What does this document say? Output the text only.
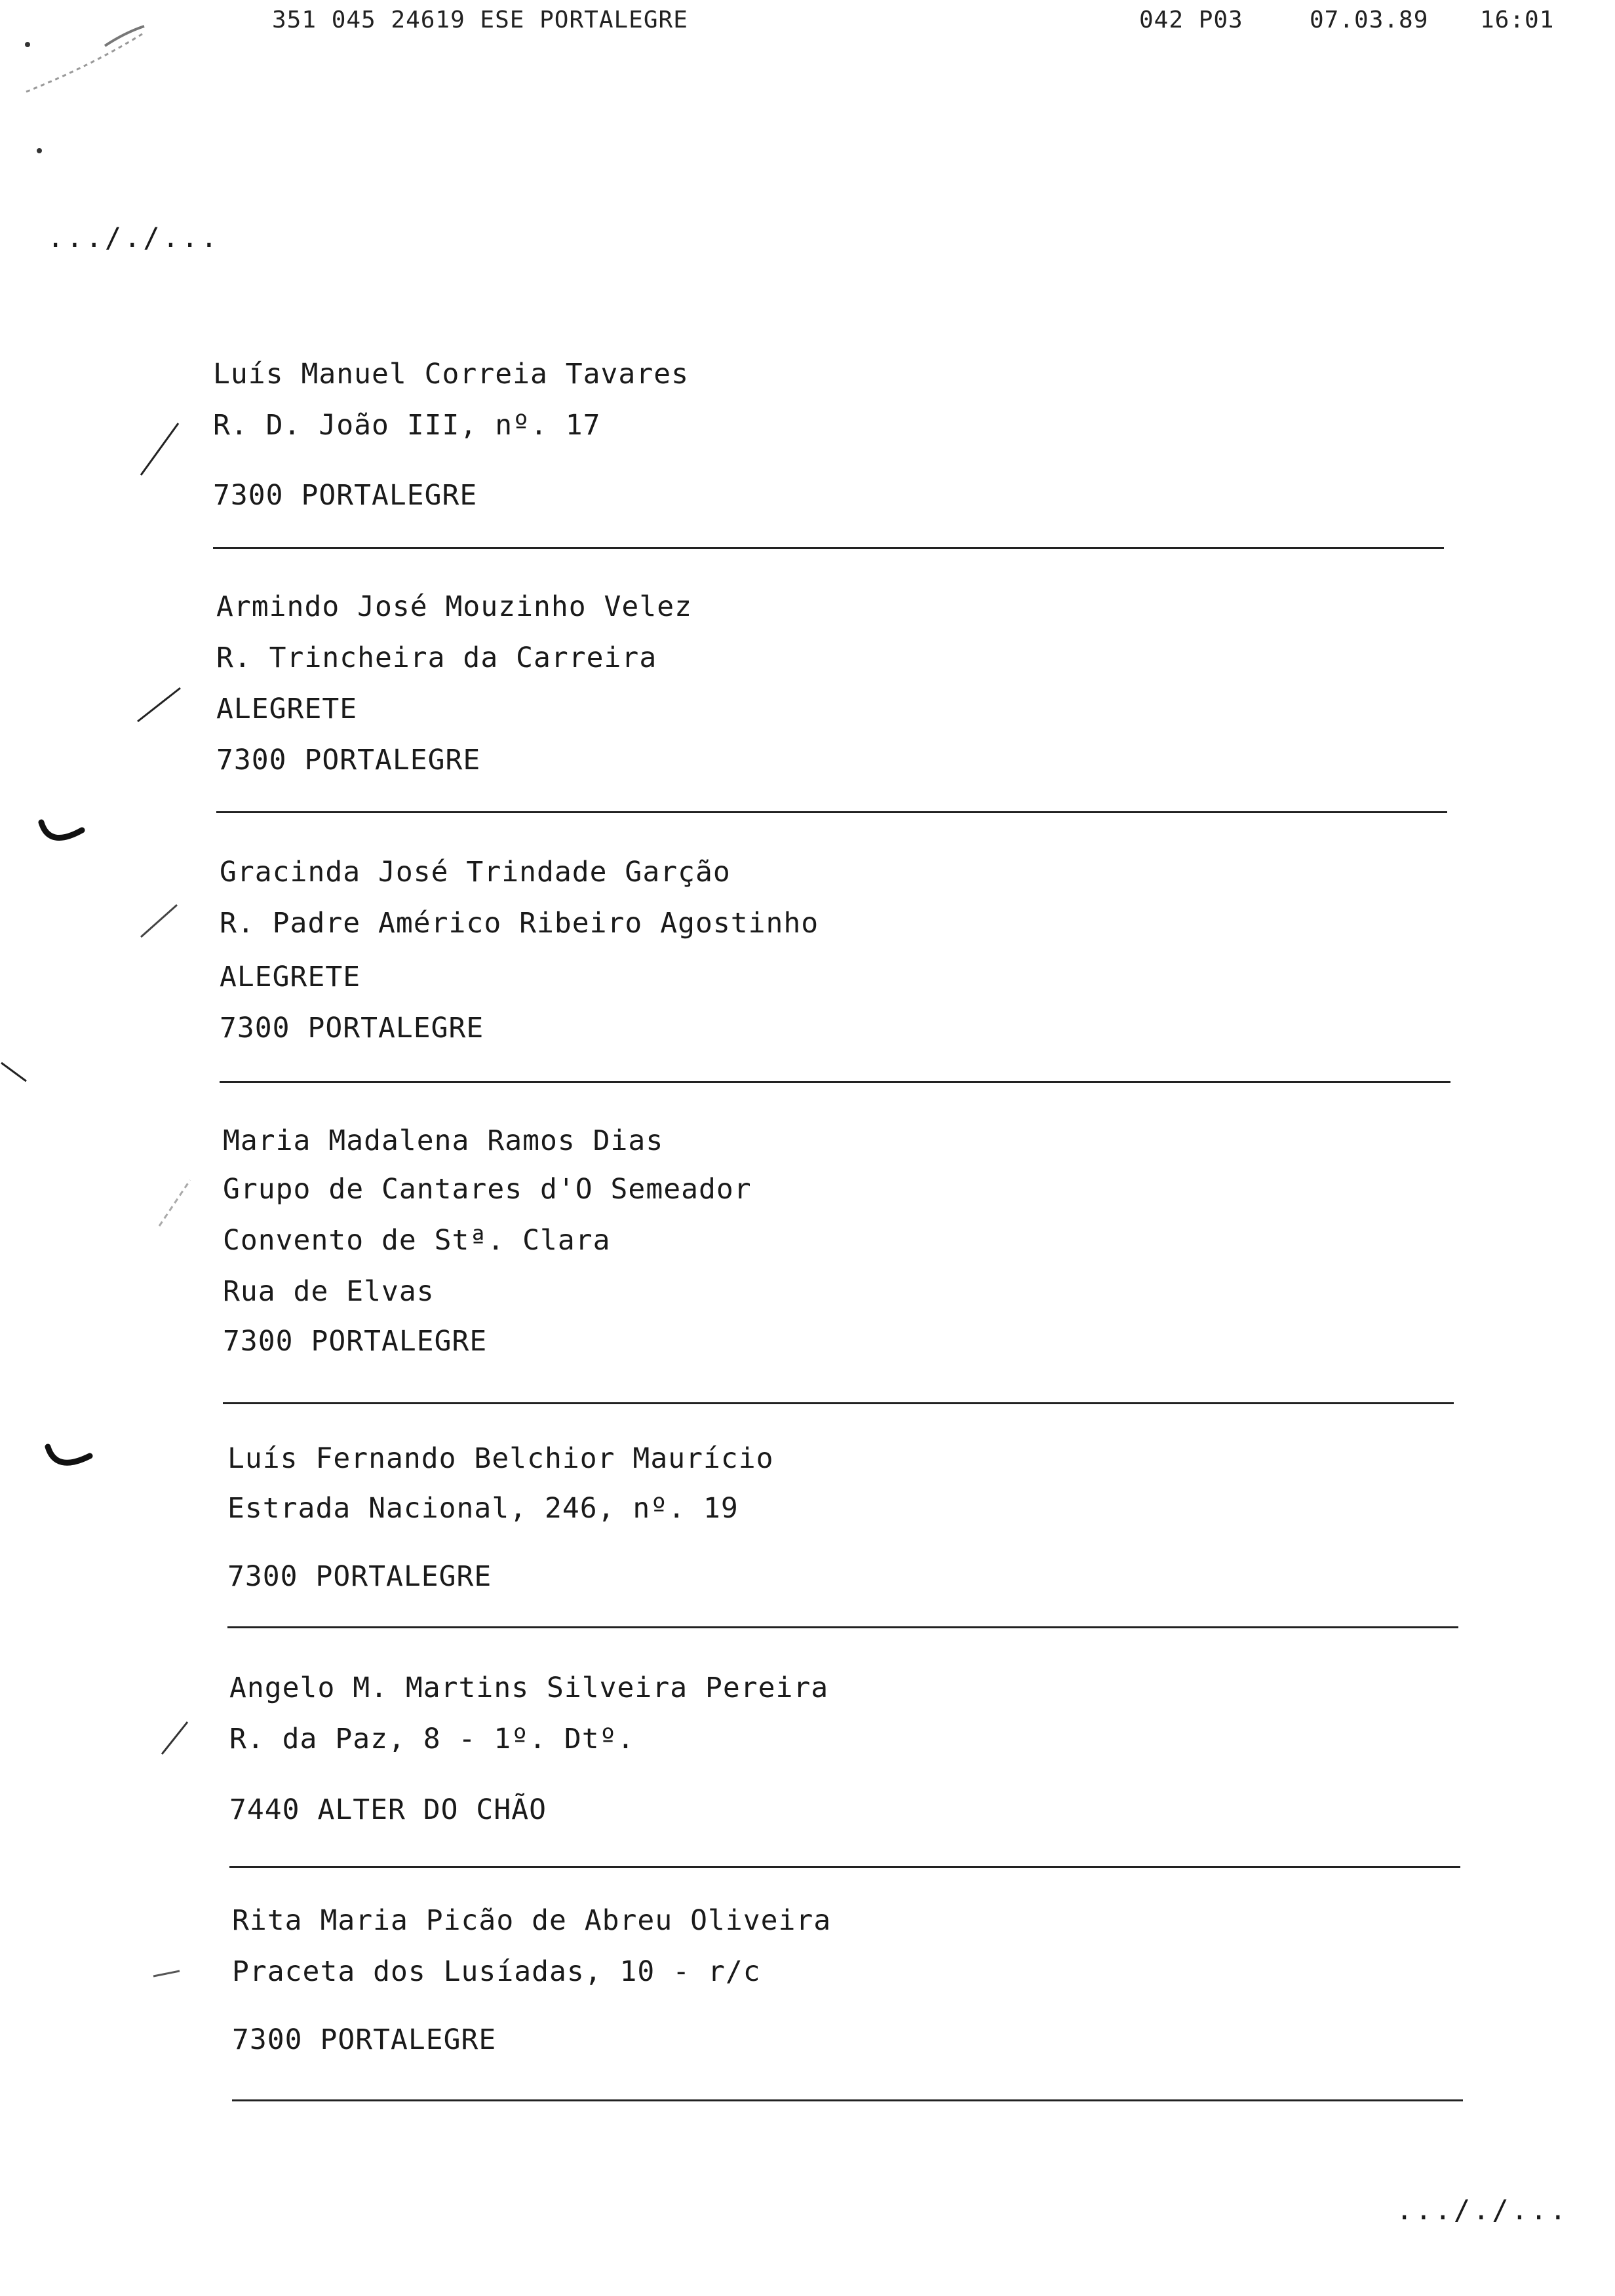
351 045 24619 ESE PORTALEGRE	042 P03	07.03.89 16:01
..././...
Luís Manuel Correia Tavares
R. D. João III, nº. 17
7300 PORTALEGRE
Armindo José Mouzinho Velez
R. Trincheira da Carreira
ALEGRETE
7300 PORTALEGRE
Gracinda José Trindade Garção
R. Padre Américo Ribeiro Agostinho
ALEGRETE
7300 PORTALEGRE
Maria Madalena Ramos Dias
Grupo de Cantares d'O Semeador
Convento de Stª. Clara
Rua de Elvas
7300 PORTALEGRE
Luís Fernando Belchior Maurício
Estrada Nacional, 246, nº. 19
7300 PORTALEGRE
Angelo M. Martins Silveira Pereira
R. da Paz, 8 - 1º. Dtº.
7440 ALTER DO CHÃO
Rita Maria Picão de Abreu Oliveira
Praceta dos Lusíadas, 10 - r/c
7300 PORTALEGRE
..././...
